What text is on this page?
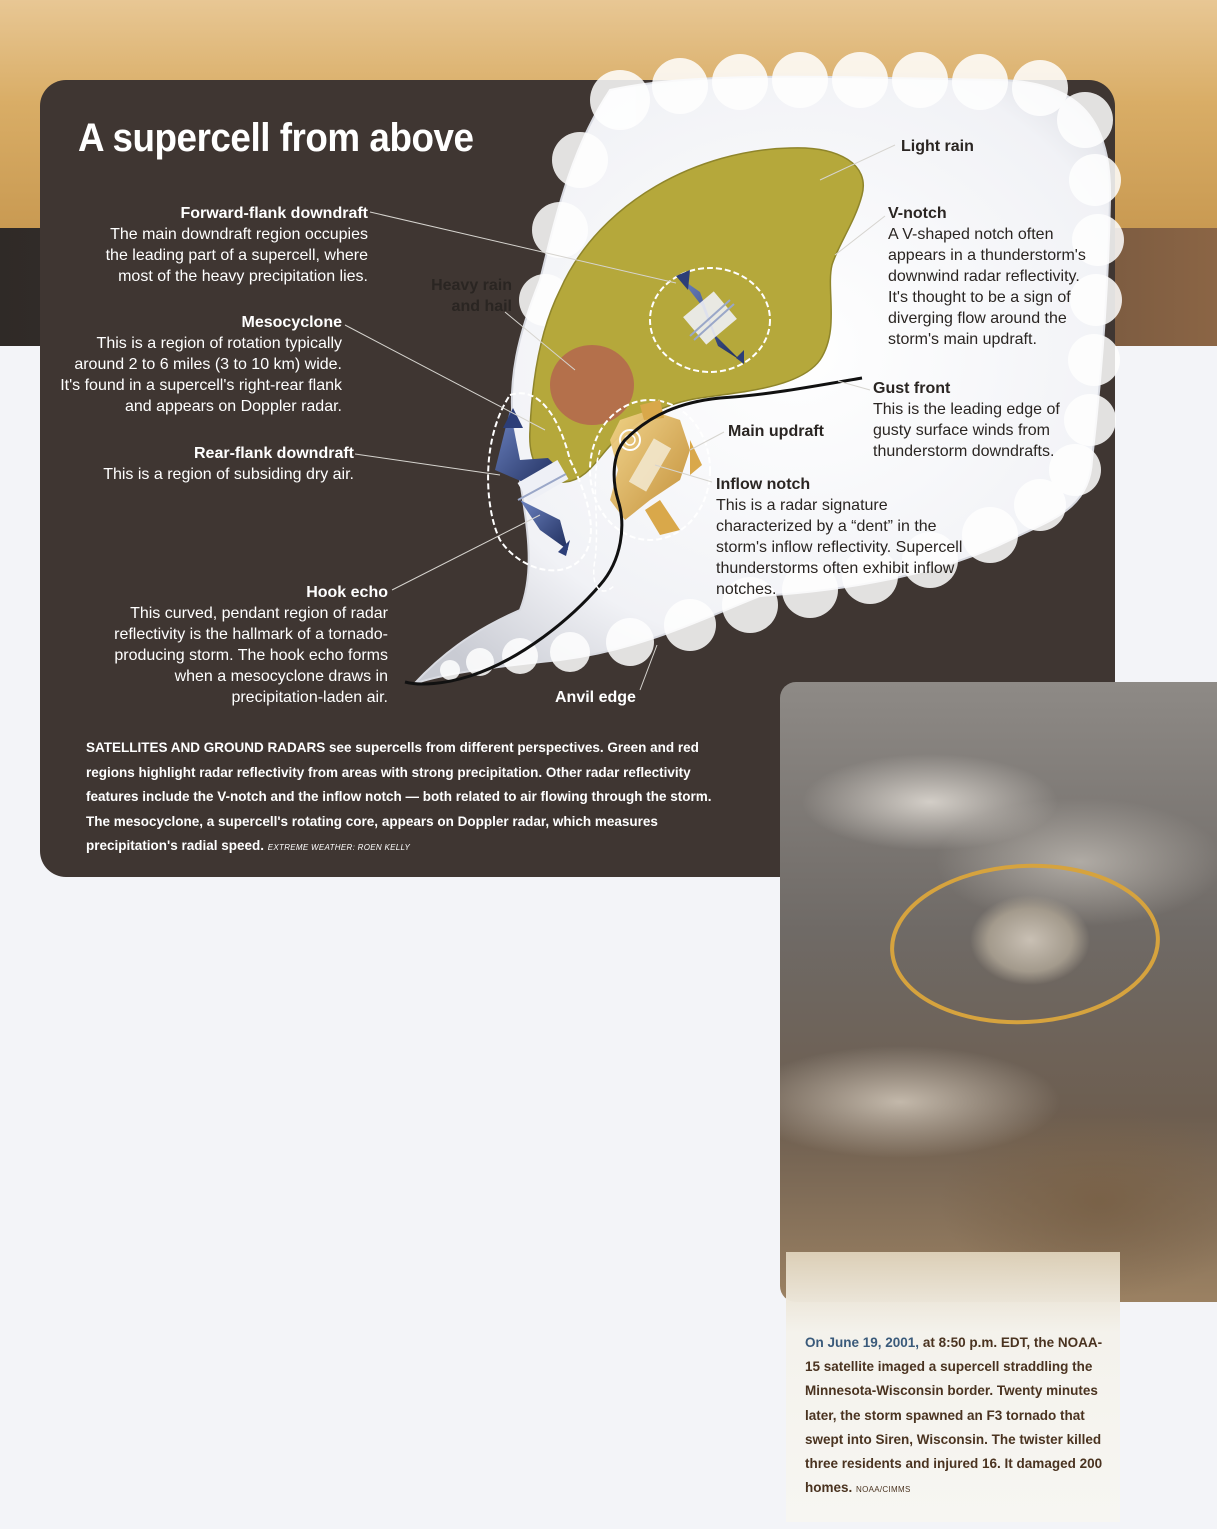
A supercell from above
Forward-flank downdraft
The main downdraft region occupies the leading part of a supercell, where most of the heavy precipitation lies.
Mesocyclone
This is a region of rotation typically around 2 to 6 miles (3 to 10 km) wide. It's found in a supercell's right-rear flank and appears on Doppler radar.
Rear-flank downdraft
This is a region of subsiding dry air.
Hook echo
This curved, pendant region of radar reflectivity is the hallmark of a tornado-producing storm. The hook echo forms when a mesocyclone draws in precipitation-laden air.
Heavy rain and hail
Light rain
V-notch
A V-shaped notch often appears in a thunderstorm's downwind radar reflectivity. It's thought to be a sign of diverging flow around the storm's main updraft.
Gust front
This is the leading edge of gusty surface winds from thunderstorm downdrafts.
Main updraft
Inflow notch
This is a radar signature characterized by a “dent” in the storm's inflow reflectivity. Supercell thunderstorms often exhibit inflow notches.
Anvil edge
SATELLITES AND GROUND RADARS see supercells from different perspectives. Green and red regions highlight radar reflectivity from areas with strong precipitation. Other radar reflectivity features include the V-notch and the inflow notch — both related to air flowing through the storm. The mesocyclone, a supercell's rotating core, appears on Doppler radar, which measures precipitation's radial speed. EXTREME WEATHER: ROEN KELLY
On June 19, 2001, at 8:50 p.m. EDT, the NOAA-15 satellite imaged a supercell straddling the Minnesota-Wisconsin border. Twenty minutes later, the storm spawned an F3 tornado that swept into Siren, Wisconsin. The twister killed three residents and injured 16. It damaged 200 homes. NOAA/CIMMS
